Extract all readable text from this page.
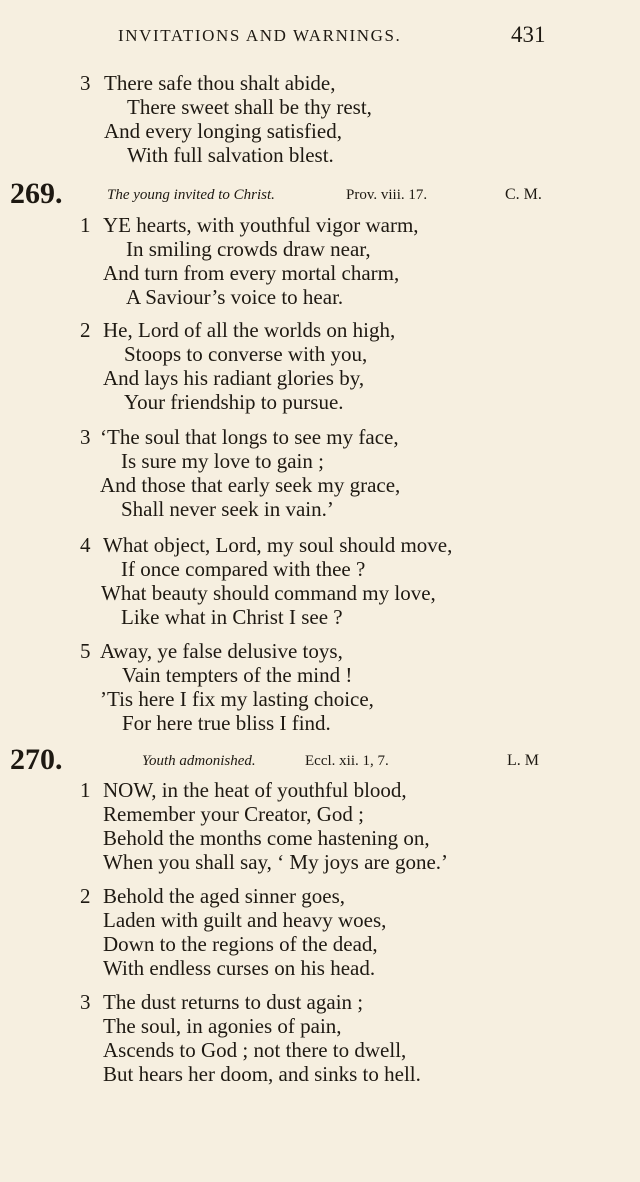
INVITATIONS AND WARNINGS.	431
3 There safe thou shalt abide,
There sweet shall be thy rest,
And every longing satisfied,
With full salvation blest.
269.	The young invited to Christ.	Prov. viii. 17.	C. M.
1 YE hearts, with youthful vigor warm,
In smiling crowds draw near,
And turn from every mortal charm,
A Saviour’s voice to hear.
2 He, Lord of all the worlds on high,
Stoops to converse with you,
And lays his radiant glories by,
Your friendship to pursue.
3 ‘The soul that longs to see my face,
Is sure my love to gain ;
And those that early seek my grace,
Shall never seek in vain.’
4 What object, Lord, my soul should move,
If once compared with thee ?
What beauty should command my love,
Like what in Christ I see ?
5 Away, ye false delusive toys,
Vain tempters of the mind !
’Tis here I fix my lasting choice,
For here true bliss I find.
270.	Youth admonished.	Eccl. xii. 1, 7.	L. M
1 NOW, in the heat of youthful blood,
Remember your Creator, God ;
Behold the months come hastening on,
When you shall say, ‘ My joys are gone.’
2 Behold the aged sinner goes,
Laden with guilt and heavy woes,
Down to the regions of the dead,
With endless curses on his head.
3 The dust returns to dust again ;
The soul, in agonies of pain,
Ascends to God ; not there to dwell,
But hears her doom, and sinks to hell.
